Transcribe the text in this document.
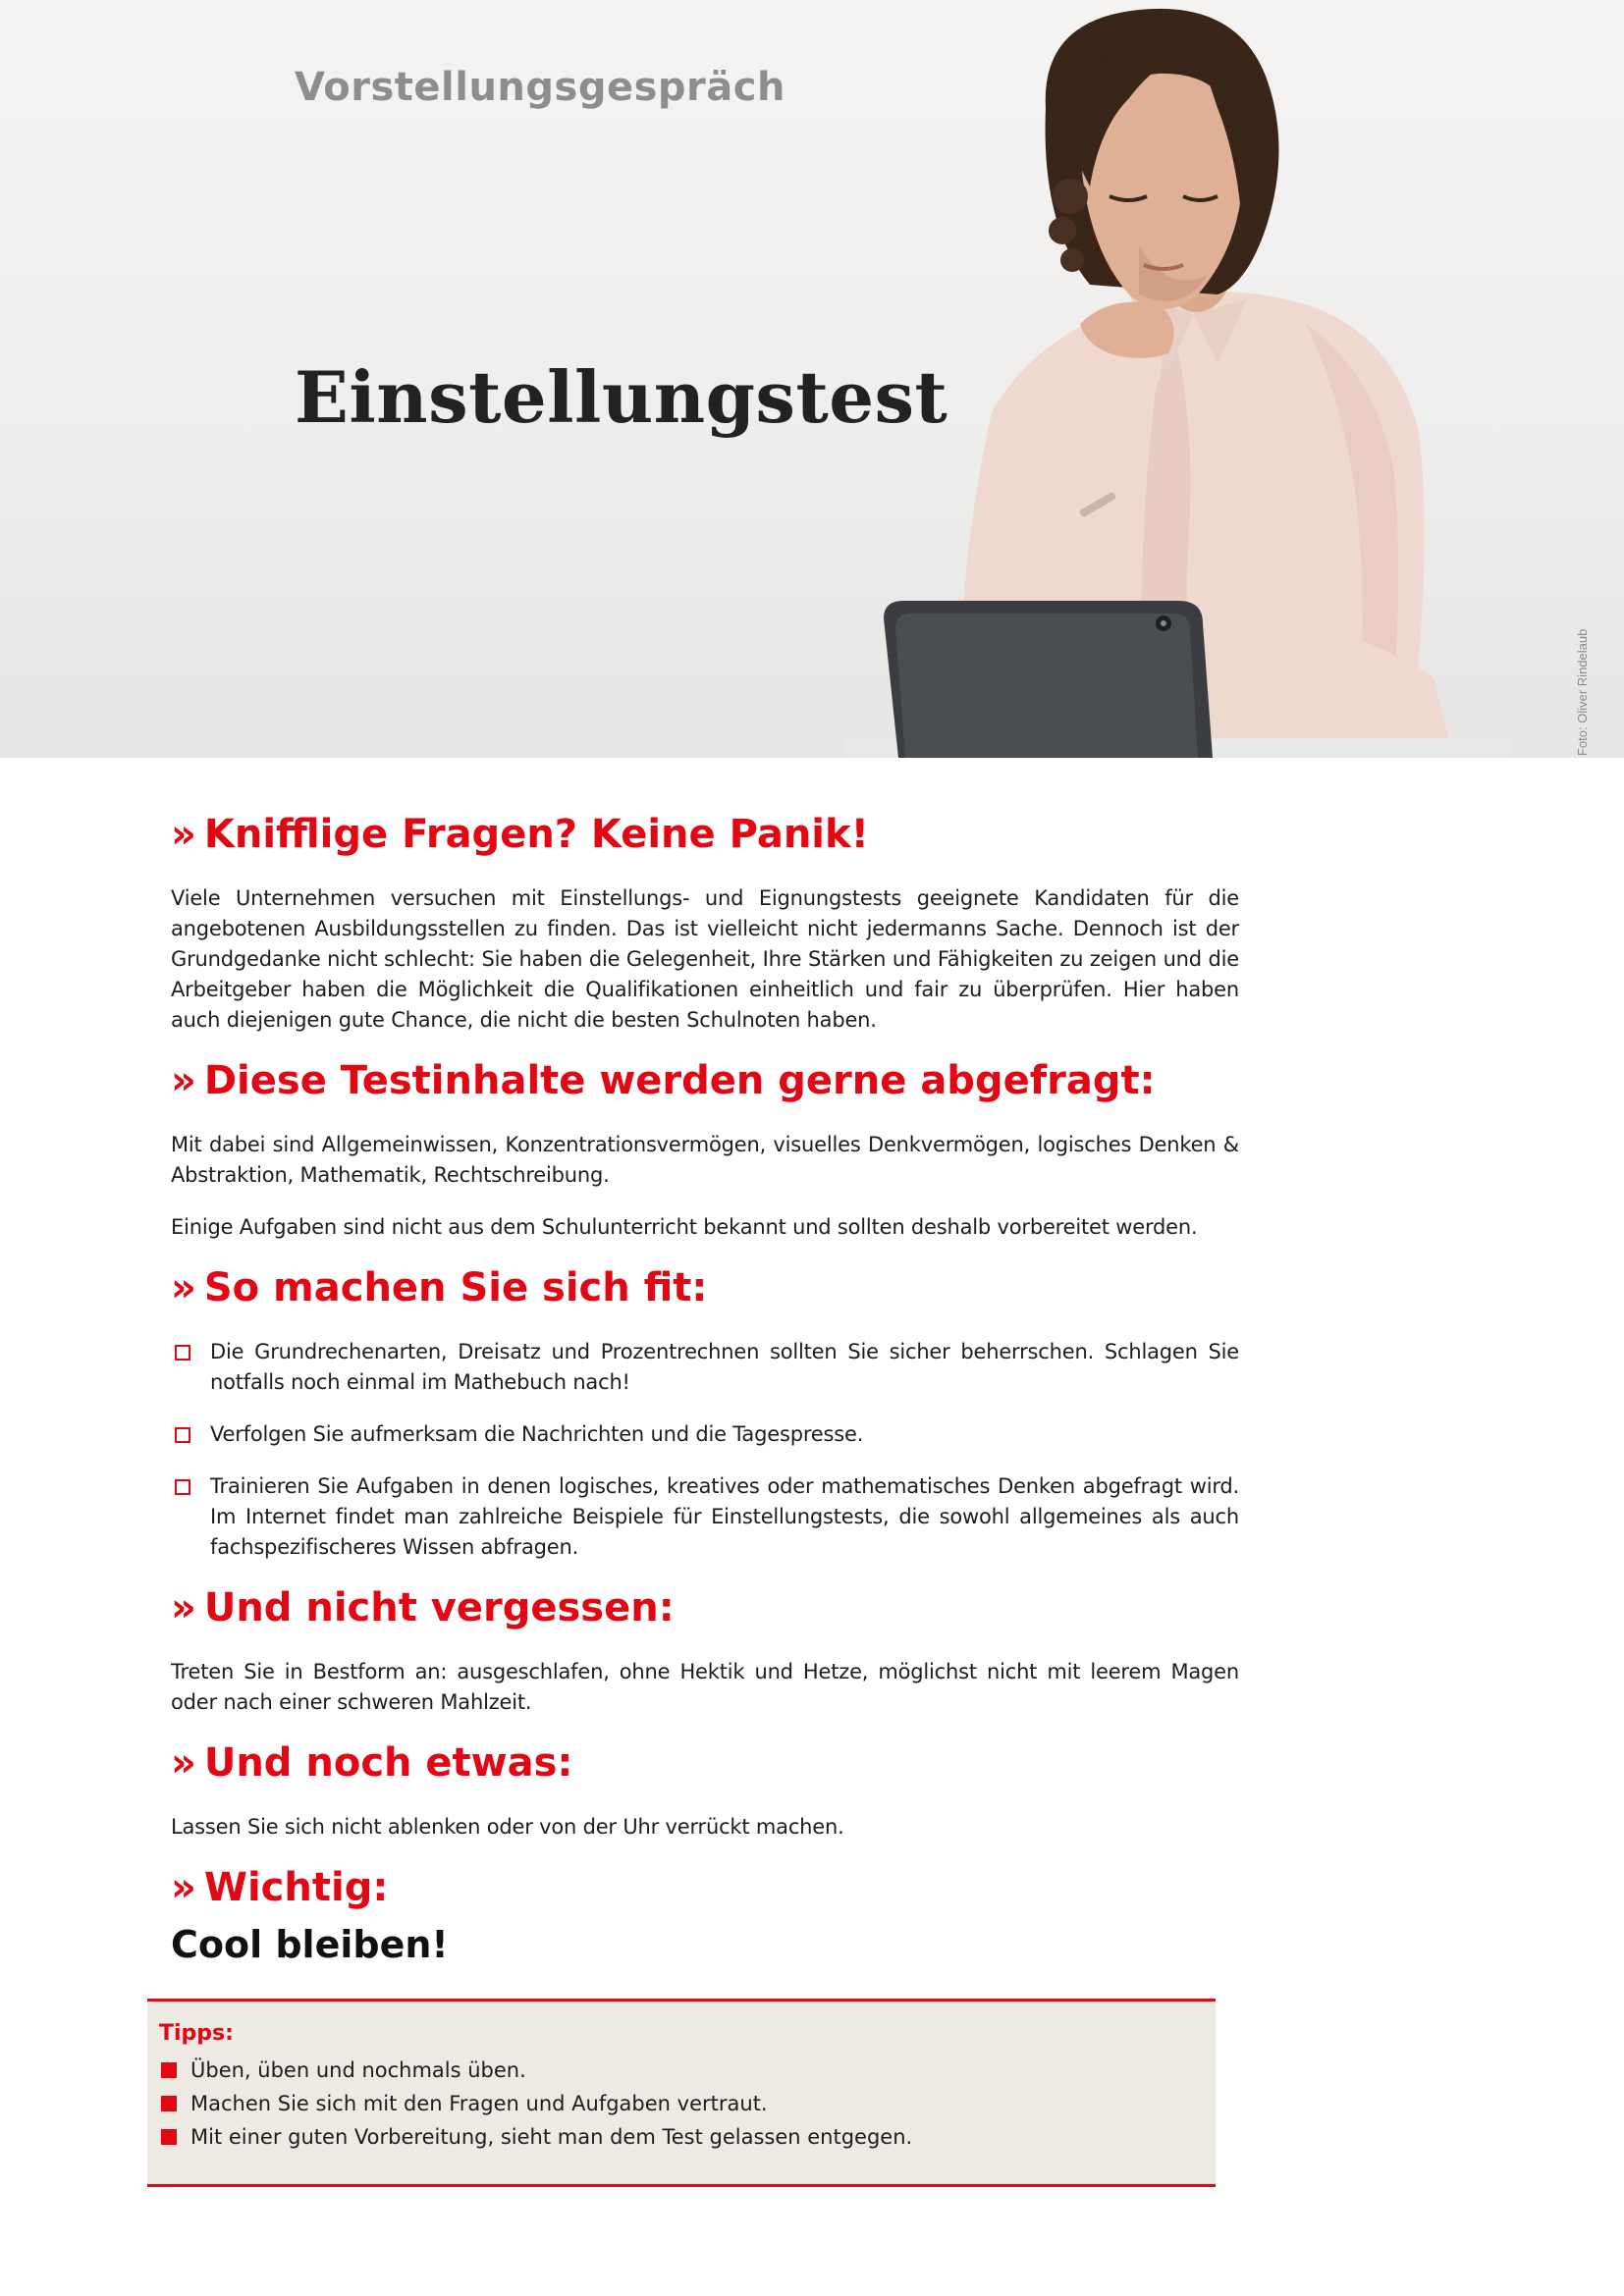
Vorstellungsgespräch
Einstellungstest
Foto: Oliver Rindelaub
» Knifflige Fragen? Keine Panik!

Viele Unternehmen versuchen mit Einstellungs- und Eignungstests geeignete Kandidaten für die angebotenen Ausbildungsstellen zu finden. Das ist vielleicht nicht jedermanns Sache. Dennoch ist der Grundgedanke nicht schlecht: Sie haben die Gelegenheit, Ihre Stärken und Fähigkeiten zu zeigen und die Arbeitgeber haben die Möglichkeit die Qualifikationen einheitlich und fair zu überprüfen. Hier haben auch diejenigen gute Chance, die nicht die besten Schulnoten haben.

» Diese Testinhalte werden gerne abgefragt:

Mit dabei sind Allgemeinwissen, Konzentrationsvermögen, visuelles Denkvermögen, logisches Denken & Abstraktion, Mathematik, Rechtschreibung.

Einige Aufgaben sind nicht aus dem Schulunterricht bekannt und sollten deshalb vorbereitet werden.

» So machen Sie sich fit:
Die Grundrechenarten, Dreisatz und Prozentrechnen sollten Sie sicher beherrschen. Schlagen Sie notfalls noch einmal im Mathebuch nach!
Verfolgen Sie aufmerksam die Nachrichten und die Tagespresse.
Trainieren Sie Aufgaben in denen logisches, kreatives oder mathematisches Denken abgefragt wird. Im Internet findet man zahlreiche Beispiele für Einstellungstests, die sowohl allgemeines als auch fachspezifischeres Wissen abfragen.
» Und nicht vergessen:

Treten Sie in Bestform an: ausgeschlafen, ohne Hektik und Hetze, möglichst nicht mit leerem Magen oder nach einer schweren Mahlzeit.

» Und noch etwas:

Lassen Sie sich nicht ablenken oder von der Uhr verrückt machen.

» Wichtig:
Cool bleiben!
Tipps:
Üben, üben und nochmals üben.
Machen Sie sich mit den Fragen und Aufgaben vertraut.
Mit einer guten Vorbereitung, sieht man dem Test gelassen entgegen.
